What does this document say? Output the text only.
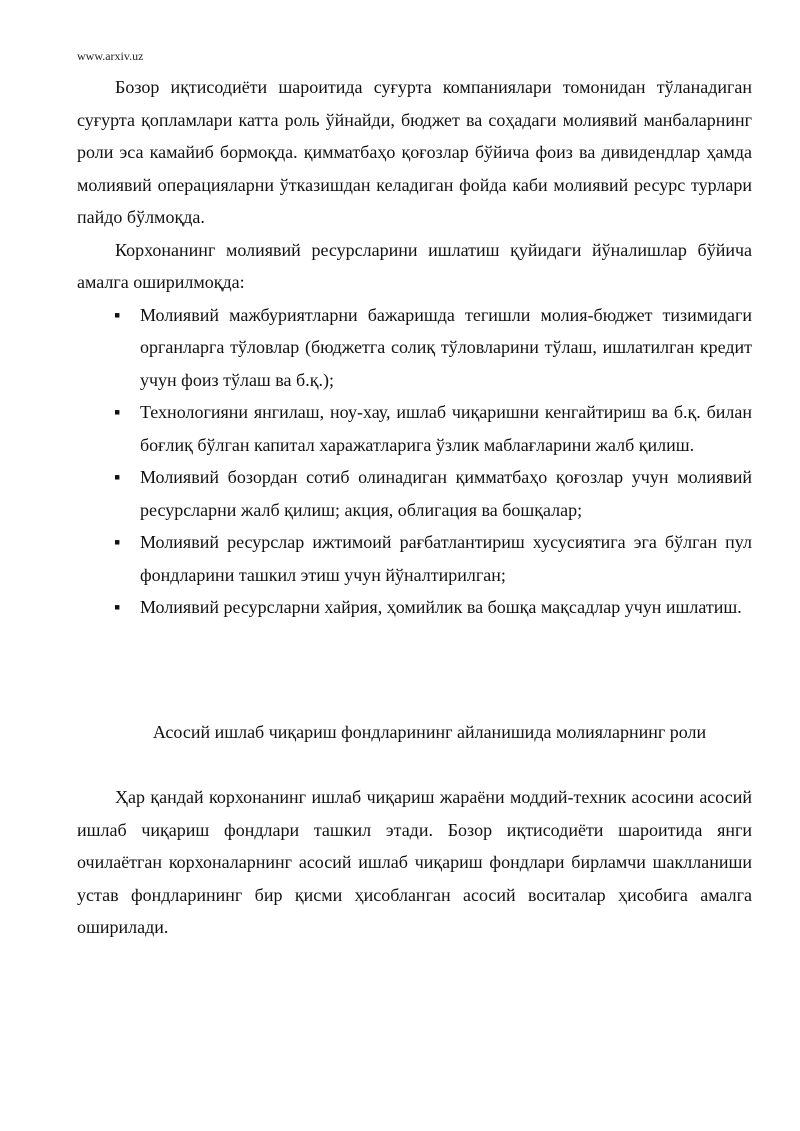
www.arxiv.uz

Бозор иқтисодиёти шароитида суғурта компаниялари томонидан тўланадиган суғурта қопламлари катта роль ўйнайди, бюджет ва соҳадаги молиявий манбаларнинг роли эса камайиб бормоқда. қимматбаҳо қоғозлар бўйича фоиз ва дивидендлар ҳамда молиявий операцияларни ўтказишдан келадиган фойда каби молиявий ресурс турлари пайдо бўлмоқда.

Корхонанинг молиявий ресурсларини ишлатиш қуйидаги йўналишлар бўйича амалга оширилмоқда:

▪	Молиявий мажбуриятларни бажаришда тегишли молия-бюджет тизимидаги органларга тўловлар (бюджетга солиқ тўловларини тўлаш, ишлатилган кредит учун фоиз тўлаш ва б.қ.);
▪	Технологияни янгилаш, ноу-хау, ишлаб чиқаришни кенгайтириш ва б.қ. билан боғлиқ бўлган капитал харажатларига ўзлик маблағларини жалб қилиш.
▪	Молиявий бозордан сотиб олинадиган қимматбаҳо қоғозлар учун молиявий ресурсларни жалб қилиш; акция, облигация ва бошқалар;
▪	Молиявий ресурслар ижтимоий рағбатлантириш хусусиятига эга бўлган пул фондларини ташкил этиш учун йўналтирилган;
▪	Молиявий ресурсларни хайрия, ҳомийлик ва бошқа мақсадлар учун ишлатиш.
Асосий ишлаб чиқариш фондларининг айланишида молияларнинг роли

Ҳар қандай корхонанинг ишлаб чиқариш жараёни моддий-техник асосини асосий ишлаб чиқариш фондлари ташкил этади. Бозор иқтисодиёти шароитида янги очилаётган корхоналарнинг асосий ишлаб чиқариш фондлари бирламчи шаклланиши устав фондларининг бир қисми ҳисобланган асосий воситалар ҳисобига амалга оширилади.
